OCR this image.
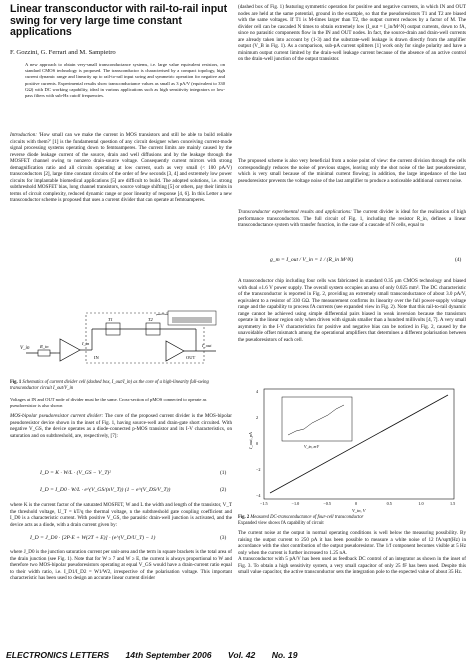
Linear transconductor with rail-to-rail input swing for very large time constant applications
F. Gozzini, G. Ferrari and M. Sampietro
A new approach to obtain very-small transconductance systems, i.e. large value equivalent resistors, on standard CMOS technology is proposed. The transconductor is characterised by a compact topology, high current dynamic range and linearity up to rail-to-rail input swing and symmetric operation for negative and positive currents. Experimental results show transconductance values as small as 3 pA/V (equivalent to 330 GΩ) with DC working capability, ideal in various applications such as high sensitivity integrators or low-pass filters with sub-Hz cutoff frequencies.

Introduction: 'How small can we make the current in MOS transistors and still be able to build reliable circuits with them?' [1] is the fundamental question of any circuit designer when conceiving current-mode signal processing systems operating down to femtoamperes. The current limits are mainly caused by the reverse diode leakage current of the source, drain and well diffusions and by the leakage through the MOSFET channel owing to nonzero drain-source voltage. Consequently current mirrors with strong demagnification ratio and all circuits operating at low current, such as very small (< 100 pA/V) transconductors [2], large time constant circuits of the order of few seconds [3, 4] and extremely low power circuits for implantable biomedical applications [5] are difficult to build. The adopted solutions, i.e. strong subthreshold MOSFET bias, long channel transistors, source voltage shifting [5] or others, pay their limits in terms of circuit complexity, reduced dynamic range or poor linearity of response [4, 6]. In this Letter a new transconductor scheme is proposed that uses a current divider that can operate at femtoamperes.

V_in R_in
T1	T2
IN	OUT
I_in	I_out
Fig. 1 Schematics of current divider cell (dashed box, I_out/I_in) as the core of a high-linearity full-swing transconductor circuit I_out/V_in
Voltages at IN and OUT node of divider must be the same. Cross-section of pMOS connected to operate as pseudoresistor is also shown

MOS-bipolar pseudoresistor current divider: The core of the proposed current divider is the MOS-bipolar pseudoresistor device shown in the inset of Fig. 1, having source-well and drain-gate short circuited. With negative V_GS, the device operates as a diode-connected p-MOS transistor and its I-V characteristics, on saturation and on subthreshold, are, respectively, [7]:

I_D = K · W/L · (V_GS − V_T)²	(1)
I_D = I_D0 · W/L · e^(V_GS/(nV_T)) (1 − e^(V_DS/V_T))	(2)

where K is the current factor of the saturated MOSFET, W and L the width and length of the transistor, V_T the threshold voltage, U_T = kT/q the thermal voltage, n the subthreshold gate coupling coefficient and I_D0 is a characteristic current. With positive V_GS, the parasitic drain-well junction is activated, and the device acts as a diode, with a drain current given by:

I_D = J_D0 · [2P·E + W(2T + E)] · (e^(V_D/U_T) − 1)	(3)

where J_D0 is the junction saturation current per unit-area and the term in square brackets is the total area of the drain junction (see Fig. 1). Note that for W ≥ 7 and W ≥ E, the current is always proportional to W and therefore two MOS-bipolar pseudoresistors operating at equal V_GS would have a drain-current ratio equal to their width ratio, i.e. I_D1/I_D2 = W1/W2, irrespective of the polarisation voltage. This important characteristic has been used to design an accurate linear current divider

(dashed box of Fig. 1) featuring symmetric operation for positive and negative currents, in which IN and OUT nodes are held at the same potential, ground in the example, so that the pseudoresistors T1 and T2 are biased with the same voltages. If T1 is M-times larger than T2, the output current reduces by a factor of M. The divider cell can be cascaded N times to obtain extremely low (I_out = I_in/M^N) output currents, down to fA, since no parasitic components flow in the IN and OUT nodes. In fact, the source-drain and drain-well currents are already taken into account by (1-3) and the substrate-well leakage is drawn directly from the amplifier output (V_B in Fig. 1). As a comparison, sub-pA current splitters [1] work only for single polarity and have a minimum output current limited by the drain-well leakage current because of the absence of an active control on the drain-well junction of the output transistor.

The proposed scheme is also very beneficial from a noise point of view: the current division through the cells correspondingly reduces the noise of previous stages, leaving only the shot noise of the last pseudoresistor, which is very small because of the minimal current flowing; in addition, the large impedance of the last pseudoresistor prevents the voltage noise of the last amplifier to produce a noticeable additional current noise.

Transconductor experimental results and applications: The current divider is ideal for the realisation of high performance transconductors. The full circuit of Fig. 1, including the resistor R_in, defines a linear transconductance system with transfer function, in the case of a cascade of N cells, equal to

g_m = I_out / V_in = 1 / (R_in M^N)	(4)

A transconductor chip including four cells was fabricated in standard 0.35 μm CMOS technology and biased with dual ±1.6 V power supply. The overall system occupies an area of only 0.025 mm². The DC characteristic of the transconductor is reported in Fig. 2, providing an extremely small transconductance of about 3.0 pA/V, equivalent to a resistor of 330 GΩ. The measurement confirms its linearity over the full power-supply voltage range and the capability to process fA currents (see expanded view in Fig. 2). Note that this rail-to-rail dynamic range cannot be achieved using simple differential pairs biased in weak inversion because the transistors operate in the linear region only when driven with signals smaller than a hundred millivolts [4, 7]. A very small asymmetry in the I-V characteristics for positive and negative bias can be noticed in Fig. 2, caused by the unavoidable offset mismatch among the operational amplifiers that determines a different polarisation between the pseudoresistors of each cell.

V_in, mV
I_out, pA
V_in, V
−1.5	−1.0	−0.5	0	0.5	1.0	1.5
4
2
0
−2
−4
Fig. 2 Measured DC-transconductance of four-cell transconductor
Expanded view shows fA capability of circuit

The current noise at the output in normal operating conditions is well below the measuring possibility. By raising the output current to 250 pA it has been possible to measure a white noise of 12 fA/sqrt(Hz) in accordance with the shot contribution of the output pseudoresistor. The 1/f component becomes visible at 5 Hz only when the current is further increased to 1.25 nA.
A transconductor with 5 pA/V has been used as feedback DC control of an integrator as shown in the inset of Fig. 3. To obtain a high sensitivity system, a very small capacitor of only 25 fF has been used. Despite this small value capacitor, the active transconductor sets the integration pole to the expected value of about 35 Hz.

ELECTRONICS LETTERS 14th September 2006 Vol. 42 No. 19
